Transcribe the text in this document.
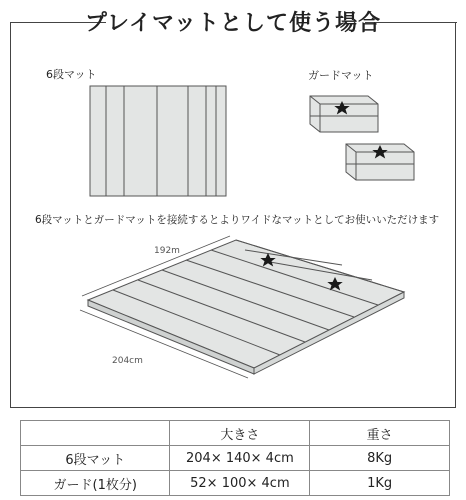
プレイマットとして使う場合
6段マット	ガードマット
6段マットとガードマットを接続するとよりワイドなマットとしてお使いいただけます
192m
204cm
	大きさ	重さ
6段マット	204× 140× 4cm	8Kg
ガード(1枚分)	52× 100× 4cm	1Kg
